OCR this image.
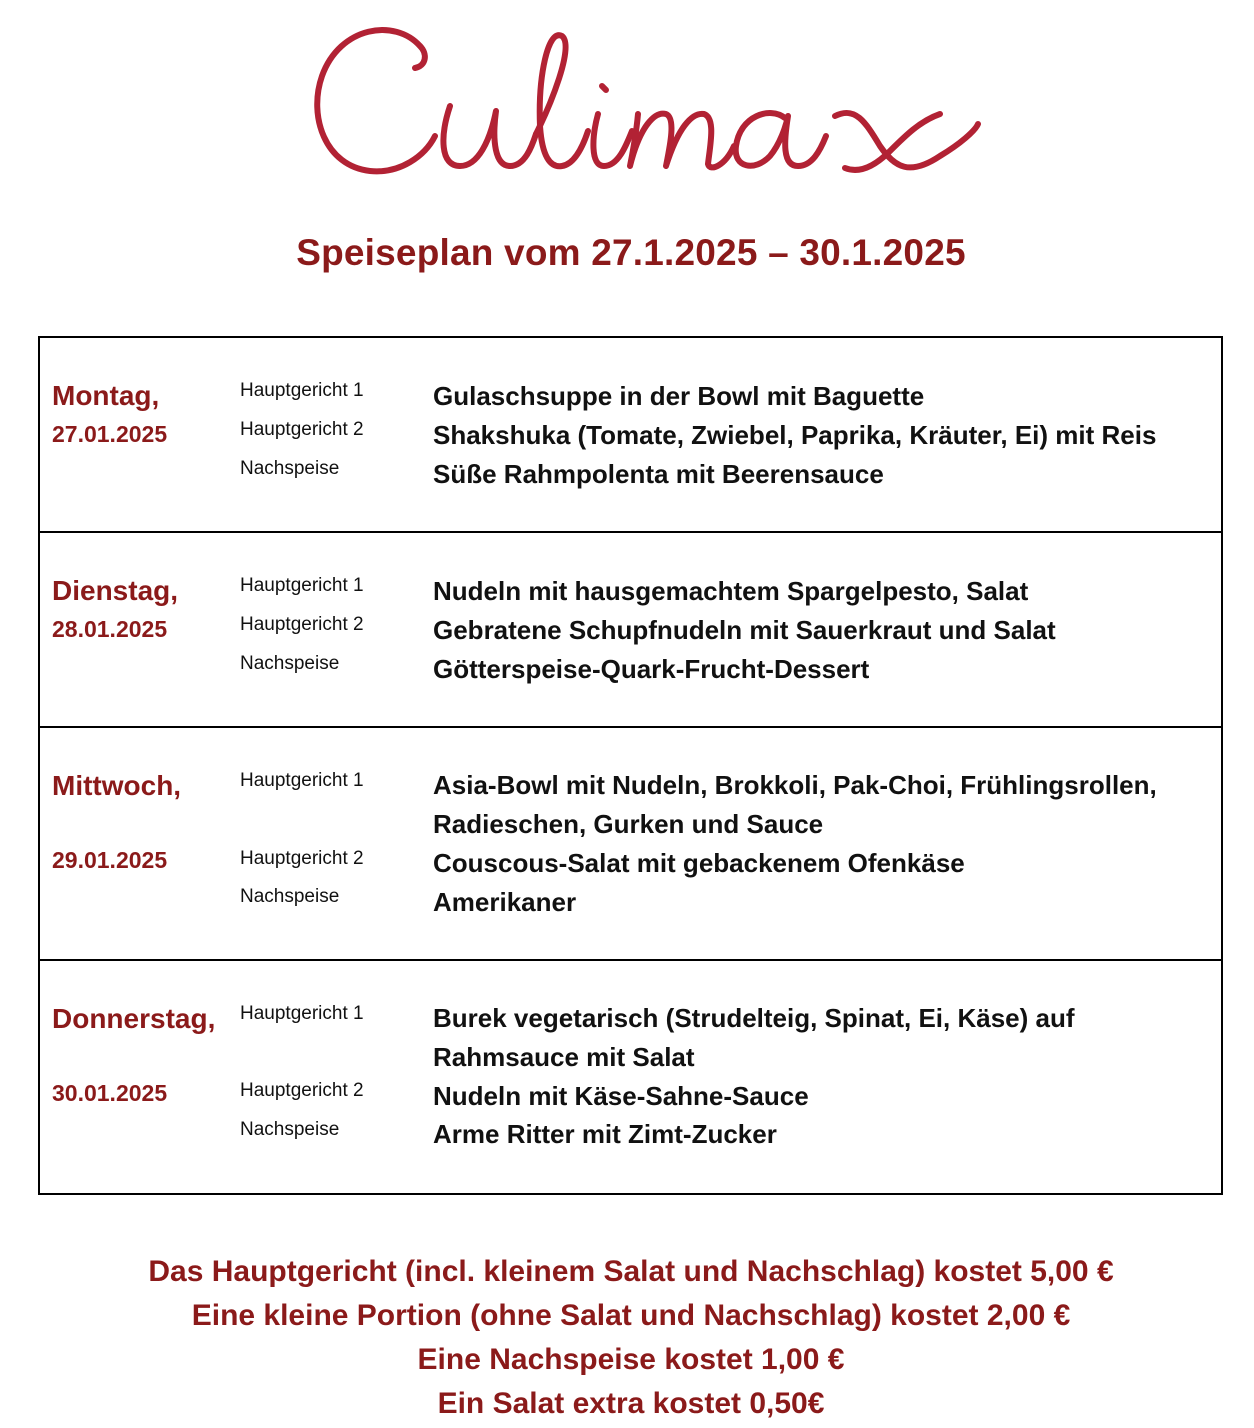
Speiseplan vom 27.1.2025 – 30.1.2025
Montag,
27.01.2025
Hauptgericht 1
Hauptgericht 2
Nachspeise
Gulaschsuppe in der Bowl mit Baguette
Shakshuka (Tomate, Zwiebel, Paprika, Kräuter, Ei) mit Reis
Süße Rahmpolenta mit Beerensauce
Dienstag,
28.01.2025
Hauptgericht 1
Hauptgericht 2
Nachspeise
Nudeln mit hausgemachtem Spargelpesto, Salat
Gebratene Schupfnudeln mit Sauerkraut und Salat
Götterspeise-Quark-Frucht-Dessert
Mittwoch,
29.01.2025
Hauptgericht 1
Hauptgericht 2
Nachspeise
Asia-Bowl mit Nudeln, Brokkoli, Pak-Choi, Frühlingsrollen,
Radieschen, Gurken und Sauce
Couscous-Salat mit gebackenem Ofenkäse
Amerikaner
Donnerstag,
30.01.2025
Hauptgericht 1
Hauptgericht 2
Nachspeise
Burek vegetarisch (Strudelteig, Spinat, Ei, Käse) auf
Rahmsauce mit Salat
Nudeln mit Käse-Sahne-Sauce
Arme Ritter mit Zimt-Zucker
Das Hauptgericht (incl. kleinem Salat und Nachschlag) kostet 5,00 €
Eine kleine Portion (ohne Salat und Nachschlag) kostet 2,00 €
Eine Nachspeise kostet 1,00 €
Ein Salat extra kostet 0,50€
